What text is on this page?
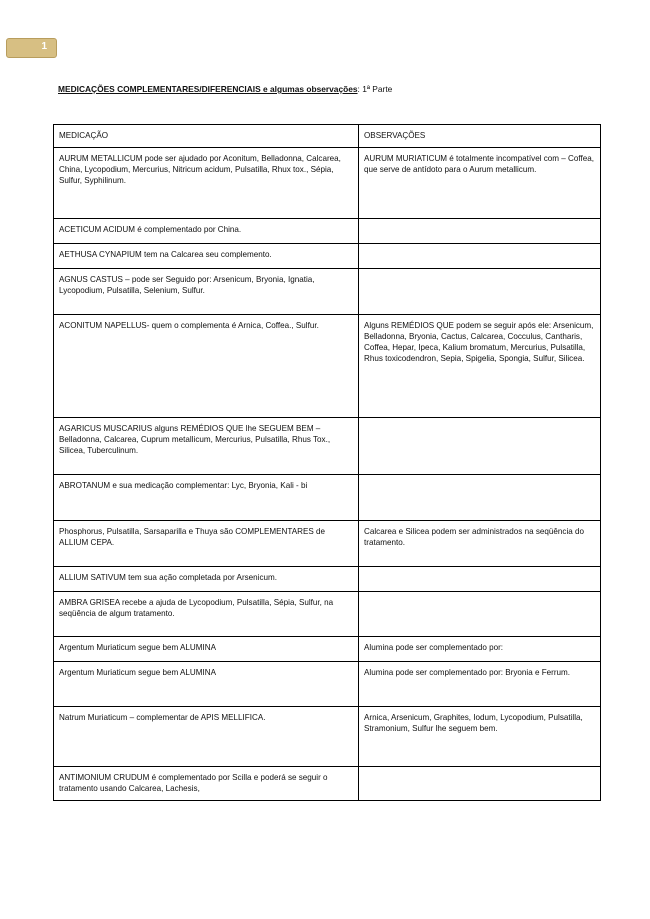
1
MEDICAÇÕES COMPLEMENTARES/DIFERENCIAIS e algumas observações: 1ª Parte
MEDICAÇÃO	OBSERVAÇÕES
AURUM METALLICUM pode ser ajudado por Aconitum, Belladonna, Calcarea, China, Lycopodium, Mercurius, Nitricum acidum, Pulsatilla, Rhux tox., Sépia, Sulfur, Syphilinum.	AURUM MURIATICUM é totalmente incompatível com – Coffea, que serve de antídoto para o Aurum metallicum.
ACETICUM ACIDUM é complementado por China.	
AETHUSA CYNAPIUM tem na Calcarea seu complemento.	
AGNUS CASTUS – pode ser Seguido por: Arsenicum, Bryonia, Ignatia, Lycopodium, Pulsatilla, Selenium, Sulfur.	
ACONITUM NAPELLUS- quem o complementa é Arnica, Coffea., Sulfur.	Alguns REMÉDIOS QUE podem se seguir após ele: Arsenicum, Belladonna, Bryonia, Cactus, Calcarea, Cocculus, Cantharis, Coffea, Hepar, Ipeca, Kalium bromatum, Mercurius, Pulsatilla, Rhus toxicodendron, Sepia, Spigelia, Spongia, Sulfur, Silicea.
AGARICUS MUSCARIUS alguns REMÉDIOS QUE lhe SEGUEM BEM – Belladonna, Calcarea, Cuprum metallicum, Mercurius, Pulsatilla, Rhus Tox., Silicea, Tuberculinum.	
ABROTANUM e sua medicação complementar: Lyc, Bryonia, Kali - bi	
Phosphorus, Pulsatilla, Sarsaparilla e Thuya são COMPLEMENTARES de ALLIUM CEPA.	Calcarea e Silicea podem ser administrados na seqüência do tratamento.
ALLIUM SATIVUM tem sua ação completada por Arsenicum.	
AMBRA GRISEA recebe a ajuda de Lycopodium, Pulsatilla, Sépia, Sulfur, na seqüência de algum tratamento.	
Argentum Muriaticum segue bem ALUMINA	Alumina pode ser complementado por:
Argentum Muriaticum segue bem ALUMINA	Alumina pode ser complementado por: Bryonia e Ferrum.
Natrum Muriaticum – complementar de APIS MELLIFICA.	Arnica, Arsenicum, Graphites, Iodum, Lycopodium, Pulsatilla, Stramonium, Sulfur lhe seguem bem.
ANTIMONIUM CRUDUM é complementado por Scilla e poderá se seguir o tratamento usando Calcarea, Lachesis,	
